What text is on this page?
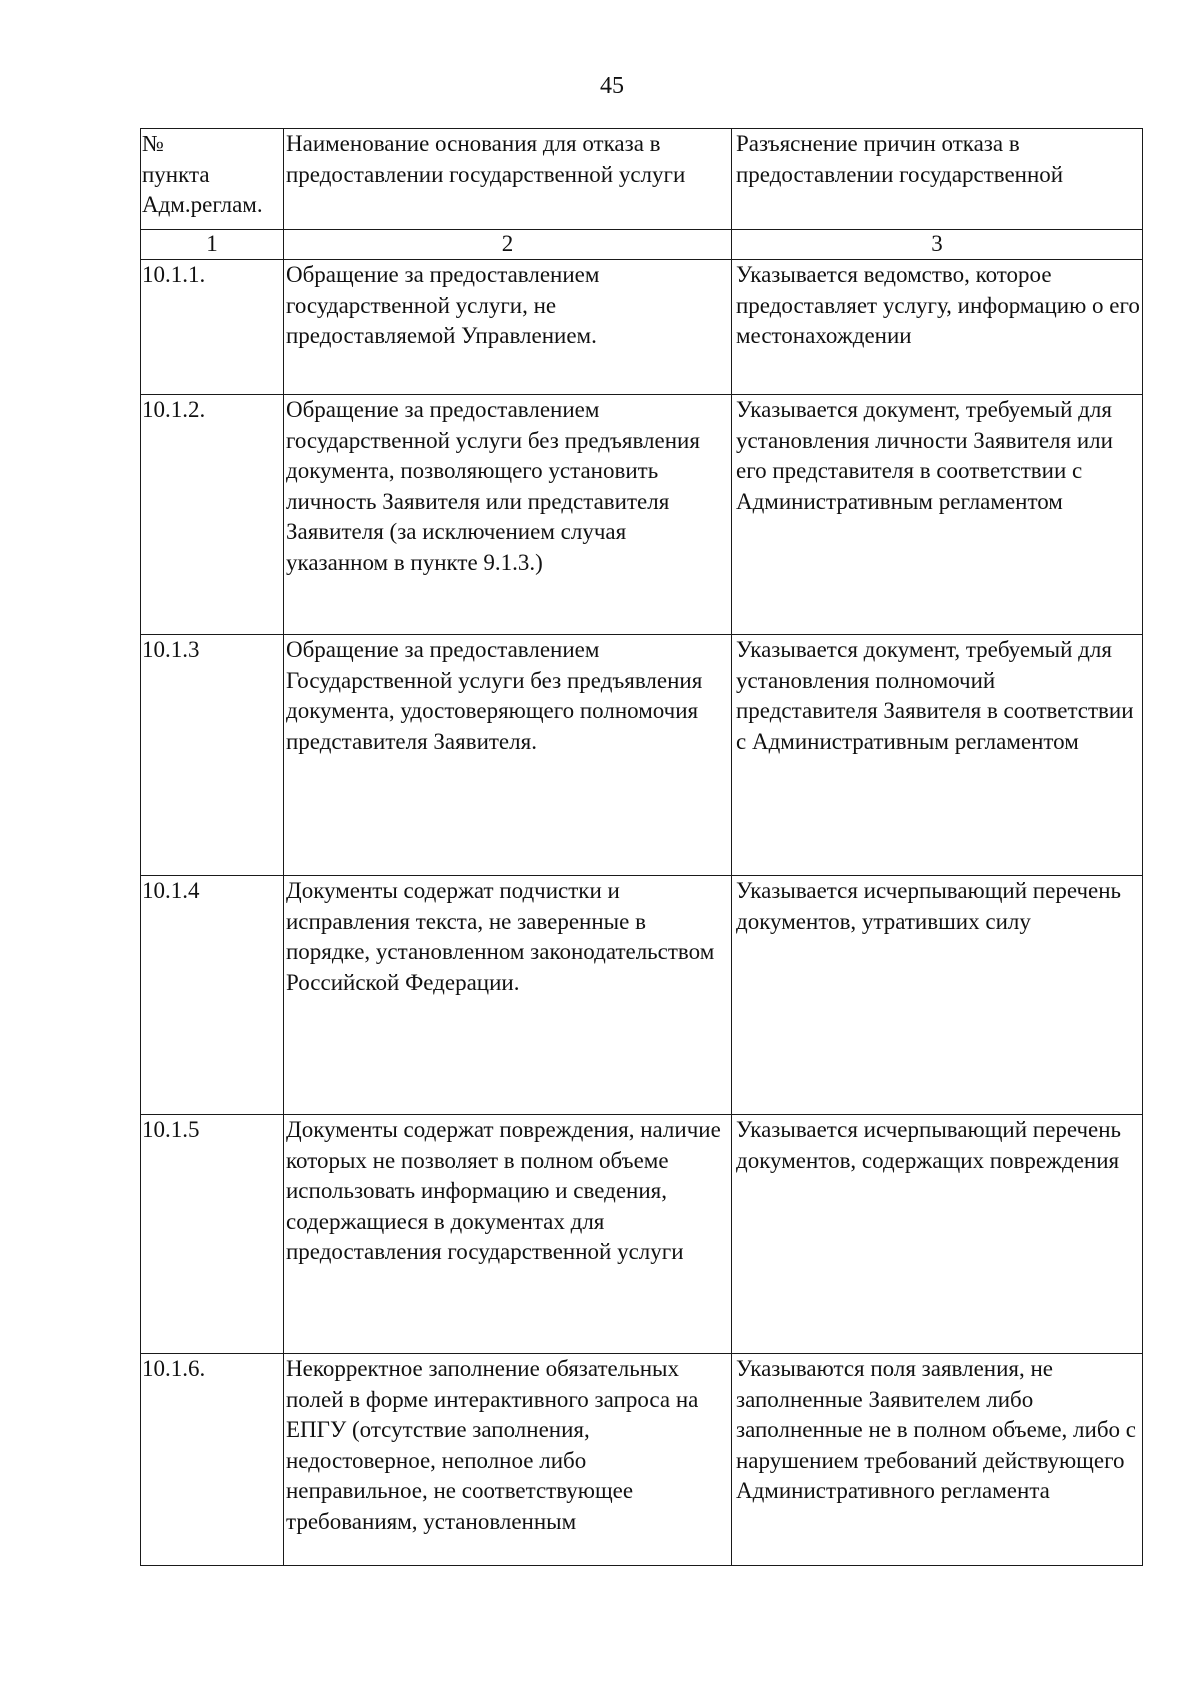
45
№
пункта
Адм.реглам.	Наименование основания для отказа в предоставлении государственной услуги	Разъяснение причин отказа в предоставлении государственной
1	2	3
10.1.1.	Обращение за предоставлением государственной услуги, не предоставляемой Управлением.	Указывается ведомство, которое предоставляет услугу, информацию о его местонахождении
10.1.2.	Обращение за предоставлением государственной услуги без предъявления документа, позволяющего установить личность Заявителя или представителя Заявителя (за исключением случая указанном в пункте 9.1.3.)	Указывается документ, требуемый для установления личности Заявителя или его представителя в соответствии с Административным регламентом
10.1.3	Обращение за предоставлением Государственной услуги без предъявления документа, удостоверяющего полномочия представителя Заявителя.	Указывается документ, требуемый для установления полномочий представителя Заявителя в соответствии с Административным регламентом
10.1.4	Документы содержат подчистки и исправления текста, не заверенные в порядке, установленном законодательством Российской Федерации.	Указывается исчерпывающий перечень документов, утративших силу
10.1.5	Документы содержат повреждения, наличие которых не позволяет в полном объеме использовать информацию и сведения, содержащиеся в документах для предоставления государственной услуги	Указывается исчерпывающий перечень документов, содержащих повреждения
10.1.6.	Некорректное заполнение обязательных полей в форме интерактивного запроса на ЕПГУ (отсутствие заполнения, недостоверное, неполное либо неправильное, не соответствующее требованиям, установленным	Указываются поля заявления, не заполненные Заявителем либо заполненные не в полном объеме, либо с нарушением требований действующего Административного регламента
